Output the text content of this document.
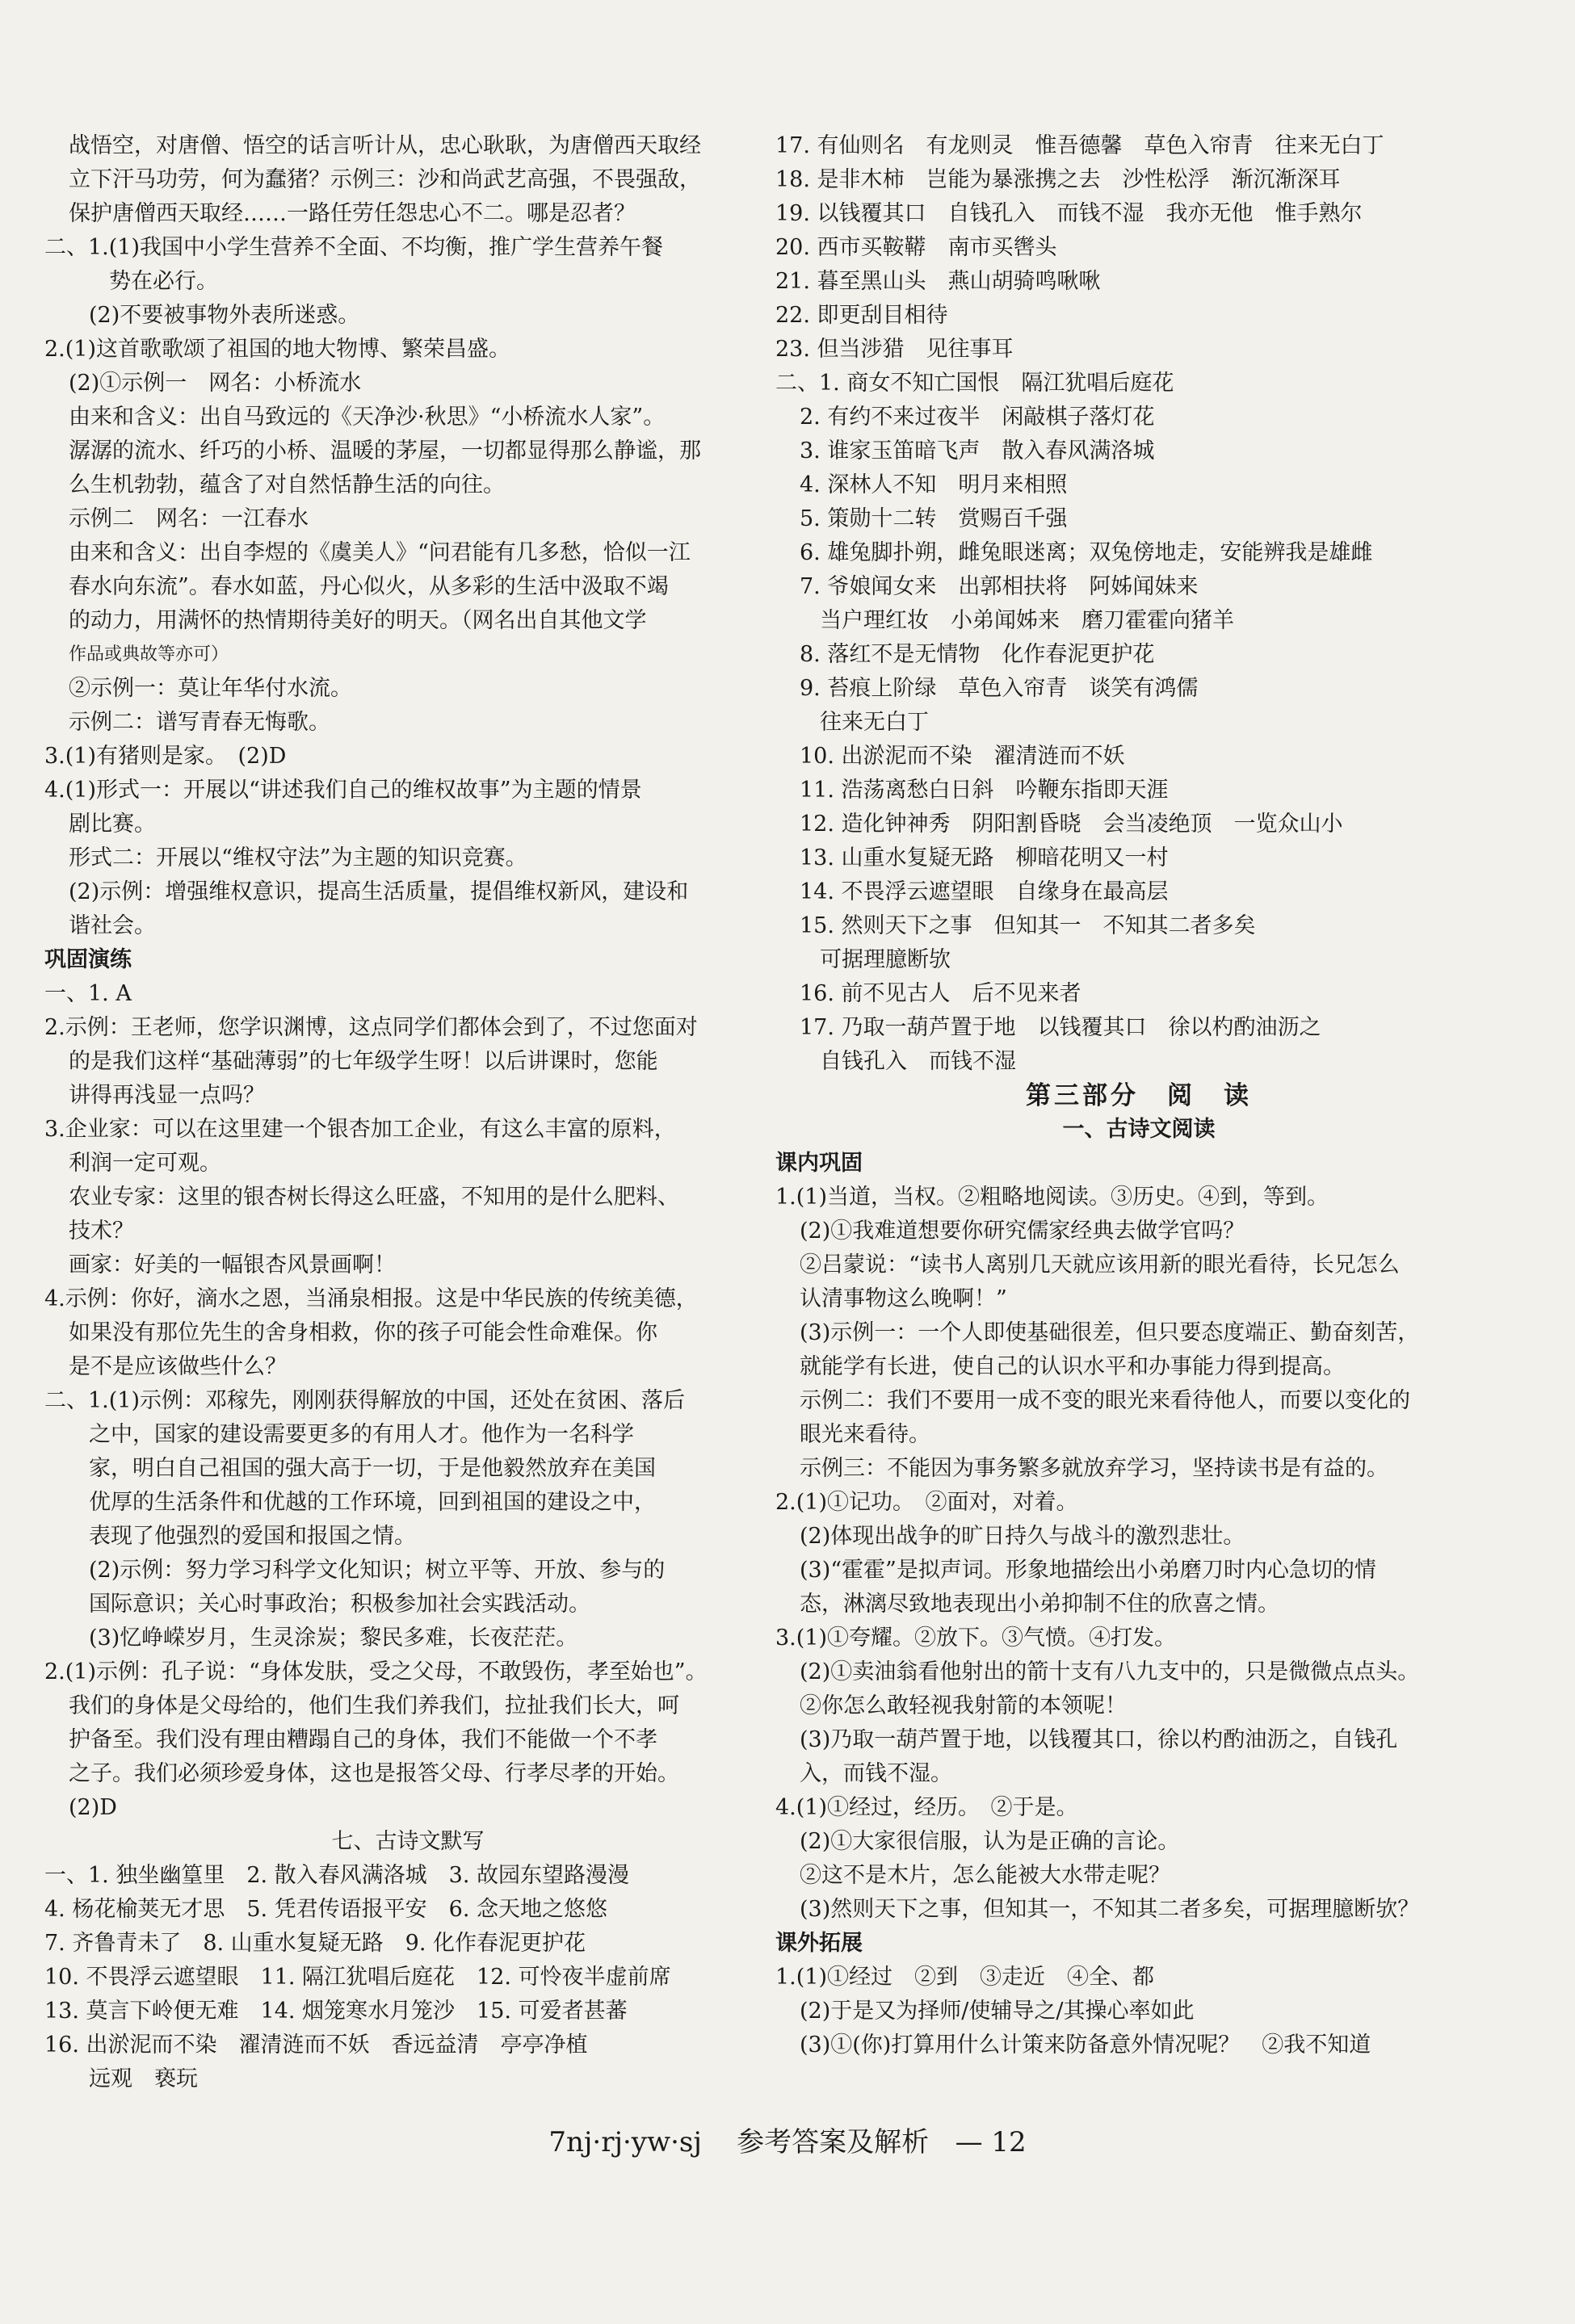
战悟空，对唐僧、悟空的话言听计从，忠心耿耿，为唐僧西天取经
立下汗马功劳，何为蠢猪？示例三：沙和尚武艺高强，不畏强敌，
保护唐僧西天取经……一路任劳任怨忠心不二。哪是忍者？
二、1.(1)我国中小学生营养不全面、不均衡，推广学生营养午餐
势在必行。
(2)不要被事物外表所迷惑。
2.(1)这首歌歌颂了祖国的地大物博、繁荣昌盛。
(2)①示例一　网名：小桥流水
由来和含义：出自马致远的《天净沙·秋思》“小桥流水人家”。
潺潺的流水、纤巧的小桥、温暖的茅屋，一切都显得那么静谧，那
么生机勃勃，蕴含了对自然恬静生活的向往。
示例二　网名：一江春水
由来和含义：出自李煜的《虞美人》“问君能有几多愁，恰似一江
春水向东流”。春水如蓝，丹心似火，从多彩的生活中汲取不竭
的动力，用满怀的热情期待美好的明天。（网名出自其他文学
作品或典故等亦可）
②示例一：莫让年华付水流。
示例二：谱写青春无悔歌。
3.(1)有猪则是家。　(2)D
4.(1)形式一：开展以“讲述我们自己的维权故事”为主题的情景
剧比赛。
形式二：开展以“维权守法”为主题的知识竞赛。
(2)示例：增强维权意识，提高生活质量，提倡维权新风，建设和
谐社会。
巩固演练
一、1. A
2.示例：王老师，您学识渊博，这点同学们都体会到了，不过您面对
的是我们这样“基础薄弱”的七年级学生呀！以后讲课时，您能
讲得再浅显一点吗？
3.企业家：可以在这里建一个银杏加工企业，有这么丰富的原料，
利润一定可观。
农业专家：这里的银杏树长得这么旺盛，不知用的是什么肥料、
技术？
画家：好美的一幅银杏风景画啊！
4.示例：你好，滴水之恩，当涌泉相报。这是中华民族的传统美德，
如果没有那位先生的舍身相救，你的孩子可能会性命难保。你
是不是应该做些什么？
二、1.(1)示例：邓稼先，刚刚获得解放的中国，还处在贫困、落后
之中，国家的建设需要更多的有用人才。他作为一名科学
家，明白自己祖国的强大高于一切，于是他毅然放弃在美国
优厚的生活条件和优越的工作环境，回到祖国的建设之中，
表现了他强烈的爱国和报国之情。
(2)示例：努力学习科学文化知识；树立平等、开放、参与的
国际意识；关心时事政治；积极参加社会实践活动。
(3)忆峥嵘岁月，生灵涂炭；黎民多难，长夜茫茫。
2.(1)示例：孔子说：“身体发肤，受之父母，不敢毁伤，孝至始也”。
我们的身体是父母给的，他们生我们养我们，拉扯我们长大，呵
护备至。我们没有理由糟蹋自己的身体，我们不能做一个不孝
之子。我们必须珍爱身体，这也是报答父母、行孝尽孝的开始。
(2)D
七、古诗文默写
一、1. 独坐幽篁里　2. 散入春风满洛城　3. 故园东望路漫漫
4. 杨花榆荚无才思　5. 凭君传语报平安　6. 念天地之悠悠
7. 齐鲁青未了　8. 山重水复疑无路　9. 化作春泥更护花
10. 不畏浮云遮望眼　11. 隔江犹唱后庭花　12. 可怜夜半虚前席
13. 莫言下岭便无难　14. 烟笼寒水月笼沙　15. 可爱者甚蕃
16. 出淤泥而不染　濯清涟而不妖　香远益清　亭亭净植
远观　亵玩
17. 有仙则名　有龙则灵　惟吾德馨　草色入帘青　往来无白丁
18. 是非木柿　岂能为暴涨携之去　沙性松浮　渐沉渐深耳
19. 以钱覆其口　自钱孔入　而钱不湿　我亦无他　惟手熟尔
20. 西市买鞍鞯　南市买辔头
21. 暮至黑山头　燕山胡骑鸣啾啾
22. 即更刮目相待
23. 但当涉猎　见往事耳
二、1. 商女不知亡国恨　隔江犹唱后庭花
2. 有约不来过夜半　闲敲棋子落灯花
3. 谁家玉笛暗飞声　散入春风满洛城
4. 深林人不知　明月来相照
5. 策勋十二转　赏赐百千强
6. 雄兔脚扑朔，雌兔眼迷离；双兔傍地走，安能辨我是雄雌
7. 爷娘闻女来　出郭相扶将　阿姊闻妹来
当户理红妆　小弟闻姊来　磨刀霍霍向猪羊
8. 落红不是无情物　化作春泥更护花
9. 苔痕上阶绿　草色入帘青　谈笑有鸿儒
往来无白丁
10. 出淤泥而不染　濯清涟而不妖
11. 浩荡离愁白日斜　吟鞭东指即天涯
12. 造化钟神秀　阴阳割昏晓　会当凌绝顶　一览众山小
13. 山重水复疑无路　柳暗花明又一村
14. 不畏浮云遮望眼　自缘身在最高层
15. 然则天下之事　但知其一　不知其二者多矣
可据理臆断欤
16. 前不见古人　后不见来者
17. 乃取一葫芦置于地　以钱覆其口　徐以杓酌油沥之
自钱孔入　而钱不湿
第三部分　阅　读
一、古诗文阅读
课内巩固
1.(1)当道，当权。②粗略地阅读。③历史。④到，等到。
(2)①我难道想要你研究儒家经典去做学官吗？
②吕蒙说：“读书人离别几天就应该用新的眼光看待，长兄怎么
认清事物这么晚啊！”
(3)示例一：一个人即使基础很差，但只要态度端正、勤奋刻苦，
就能学有长进，使自己的认识水平和办事能力得到提高。
示例二：我们不要用一成不变的眼光来看待他人，而要以变化的
眼光来看待。
示例三：不能因为事务繁多就放弃学习，坚持读书是有益的。
2.(1)①记功。　②面对，对着。
(2)体现出战争的旷日持久与战斗的激烈悲壮。
(3)“霍霍”是拟声词。形象地描绘出小弟磨刀时内心急切的情
态，淋漓尽致地表现出小弟抑制不住的欣喜之情。
3.(1)①夸耀。②放下。③气愤。④打发。
(2)①卖油翁看他射出的箭十支有八九支中的，只是微微点点头。
②你怎么敢轻视我射箭的本领呢！
(3)乃取一葫芦置于地，以钱覆其口，徐以杓酌油沥之，自钱孔
入，而钱不湿。
4.(1)①经过，经历。　②于是。
(2)①大家很信服，认为是正确的言论。
②这不是木片，怎么能被大水带走呢？
(3)然则天下之事，但知其一，不知其二者多矣，可据理臆断欤？
课外拓展
1.(1)①经过　②到　③走近　④全、都
(2)于是又为择师/使辅导之/其操心率如此
(3)①(你)打算用什么计策来防备意外情况呢？　②我不知道
7nj·rj·yw·sj 参考答案及解析 — 12
